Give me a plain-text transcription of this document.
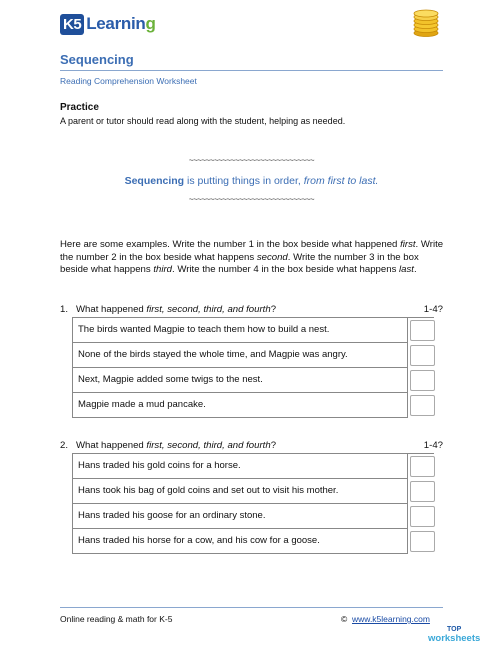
K5 Learning
Sequencing
Reading Comprehension Worksheet
Practice
A parent or tutor should read along with the student, helping as needed.
~~~~~~~~~~~~~~~~~~~~~~~~~~~~~~
Sequencing is putting things in order, from first to last.
~~~~~~~~~~~~~~~~~~~~~~~~~~~~~~
Here are some examples. Write the number 1 in the box beside what happened first. Write the number 2 in the box beside what happens second. Write the number 3 in the box beside what happens third. Write the number 4 in the box beside what happens last.
1. What happened first, second, third, and fourth?	1-4?
The birds wanted Magpie to teach them how to build a nest.
None of the birds stayed the whole time, and Magpie was angry.
Next, Magpie added some twigs to the nest.
Magpie made a mud pancake.
2. What happened first, second, third, and fourth?	1-4?
Hans traded his gold coins for a horse.
Hans took his bag of gold coins and set out to visit his mother.
Hans traded his goose for an ordinary stone.
Hans traded his horse for a cow, and his cow for a goose.
Online reading & math for K-5	© www.k5learning.com
TOP
worksheets
